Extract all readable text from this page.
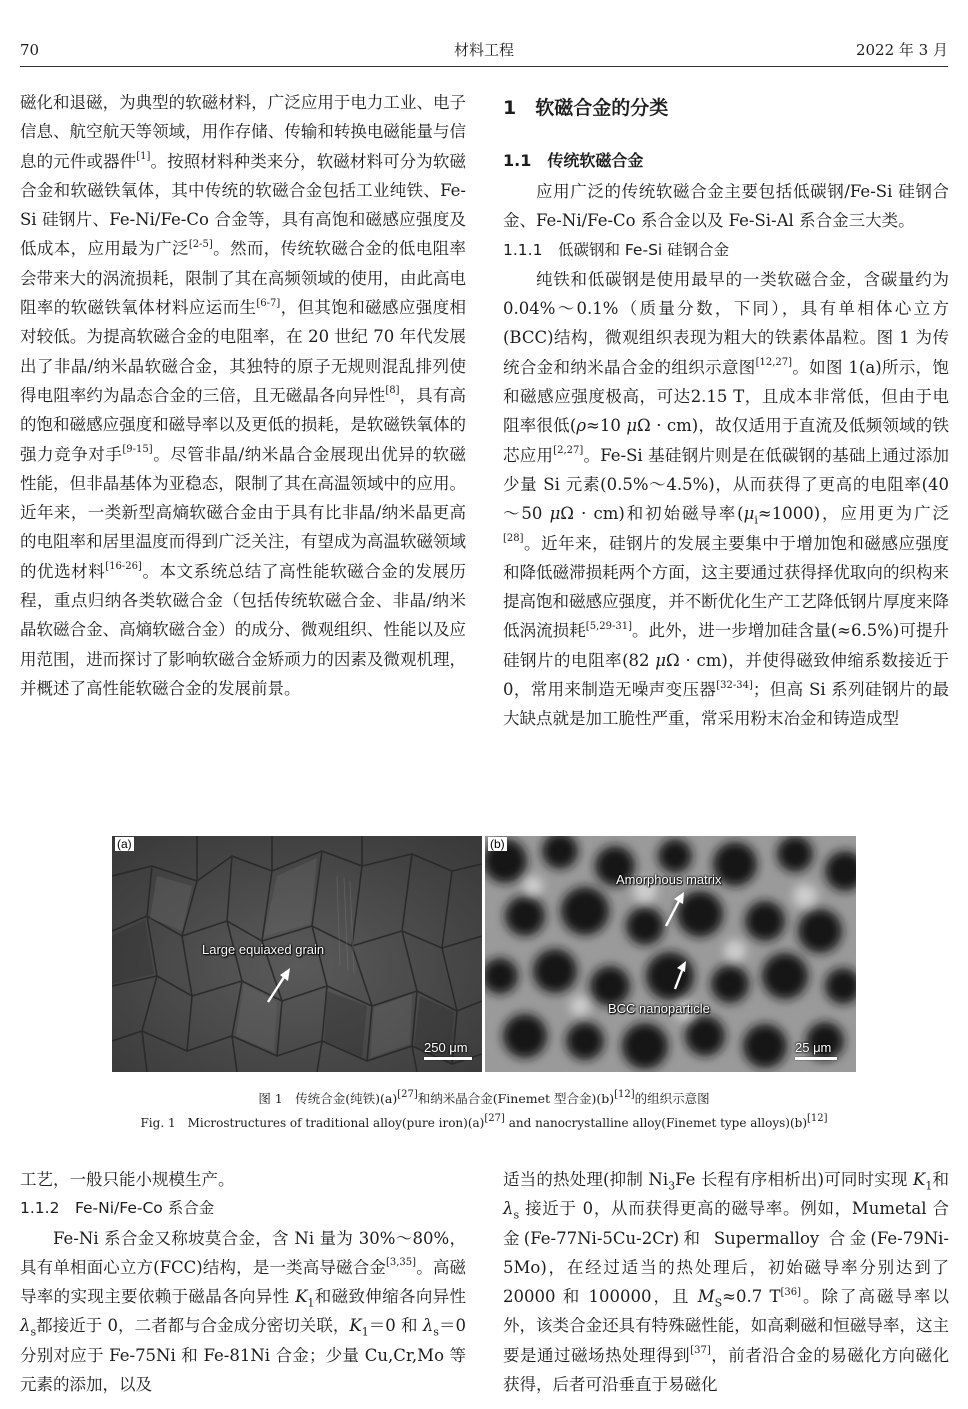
70	材料工程	2022 年 3 月

磁化和退磁，为典型的软磁材料，广泛应用于电力工业、电子信息、航空航天等领域，用作存储、传输和转换电磁能量与信息的元件或器件[1]。按照材料种类来分，软磁材料可分为软磁合金和软磁铁氧体，其中传统的软磁合金包括工业纯铁、Fe-Si 硅钢片、Fe-Ni/Fe-Co 合金等，具有高饱和磁感应强度及低成本，应用最为广泛[2-5]。然而，传统软磁合金的低电阻率会带来大的涡流损耗，限制了其在高频领域的使用，由此高电阻率的软磁铁氧体材料应运而生[6-7]，但其饱和磁感应强度相对较低。为提高软磁合金的电阻率，在 20 世纪 70 年代发展出了非晶/纳米晶软磁合金，其独特的原子无规则混乱排列使得电阻率约为晶态合金的三倍，且无磁晶各向异性[8]，具有高的饱和磁感应强度和磁导率以及更低的损耗，是软磁铁氧体的强力竞争对手[9-15]。尽管非晶/纳米晶合金展现出优异的软磁性能，但非晶基体为亚稳态，限制了其在高温领域中的应用。近年来，一类新型高熵软磁合金由于具有比非晶/纳米晶更高的电阻率和居里温度而得到广泛关注，有望成为高温软磁领域的优选材料[16-26]。本文系统总结了高性能软磁合金的发展历程，重点归纳各类软磁合金（包括传统软磁合金、非晶/纳米晶软磁合金、高熵软磁合金）的成分、微观组织、性能以及应用范围，进而探讨了影响软磁合金矫顽力的因素及微观机理，并概述了高性能软磁合金的发展前景。

1　软磁合金的分类
1.1　传统软磁合金

应用广泛的传统软磁合金主要包括低碳钢/Fe-Si 硅钢合金、Fe-Ni/Fe-Co 系合金以及 Fe-Si-Al 系合金三大类。

1.1.1　低碳钢和 Fe-Si 硅钢合金

纯铁和低碳钢是使用最早的一类软磁合金，含碳量约为 0.04%～0.1%（质量分数，下同），具有单相体心立方(BCC)结构，微观组织表现为粗大的铁素体晶粒。图 1 为传统合金和纳米晶合金的组织示意图[12,27]。如图 1(a)所示，饱和磁感应强度极高，可达2.15 T，且成本非常低，但由于电阻率很低(ρ≈10 μΩ · cm)，故仅适用于直流及低频领域的铁芯应用[2,27]。Fe-Si 基硅钢片则是在低碳钢的基础上通过添加少量 Si 元素(0.5%～4.5%)，从而获得了更高的电阻率(40～50 μΩ · cm)和初始磁导率$(\mu_i\approx 1000)$，应用更为广泛[28]。近年来，硅钢片的发展主要集中于增加饱和磁感应强度和降低磁滞损耗两个方面，这主要通过获得择优取向的织构来提高饱和磁感应强度，并不断优化生产工艺降低钢片厚度来降低涡流损耗[5,29-31]。此外，进一步增加硅含量(≈6.5%)可提升硅钢片的电阻率(82 μΩ · cm)，并使得磁致伸缩系数接近于 0，常用来制造无噪声变压器[32-34]；但高 Si 系列硅钢片的最大缺点就是加工脆性严重，常采用粉末冶金和铸造成型

(a)
Large equiaxed grain
250 μm
(b)
Amorphous matrix
BCC nanoparticle
25 μm
图 1　传统合金(纯铁)(a)[27]和纳米晶合金(Finemet 型合金)(b)[12]的组织示意图
Fig. 1　Microstructures of traditional alloy(pure iron)(a)[27] and nanocrystalline alloy(Finemet type alloys)(b)[12]

工艺，一般只能小规模生产。

1.1.2　Fe-Ni/Fe-Co 系合金

Fe-Ni 系合金又称坡莫合金，含 Ni 量为 30%～80%，具有单相面心立方(FCC)结构，是一类高导磁合金[3,35]。高磁导率的实现主要依赖于磁晶各向异性 $K_1$和磁致伸缩各向异性 $\lambda_s$都接近于 0，二者都与合金成分密切关联，$K_1=0$ 和 $\lambda_s=0$ 分别对应于 Fe-75Ni 和 Fe-81Ni 合金；少量 Cu,Cr,Mo 等元素的添加，以及

适当的热处理(抑制 $Ni_3Fe$ 长程有序相析出)可同时实现 $K_1$和 $\lambda_s$ 接近于 0，从而获得更高的磁导率。例如，Mumetal 合金(Fe-77Ni-5Cu-2Cr)和 Supermalloy 合金(Fe-79Ni-5Mo)，在经过适当的热处理后，初始磁导率分别达到了 20000 和 100000，且 $M_S\approx 0.7$ T[36]。除了高磁导率以外，该类合金还具有特殊磁性能，如高剩磁和恒磁导率，这主要是通过磁场热处理得到[37]，前者沿合金的易磁化方向磁化获得，后者可沿垂直于易磁化
